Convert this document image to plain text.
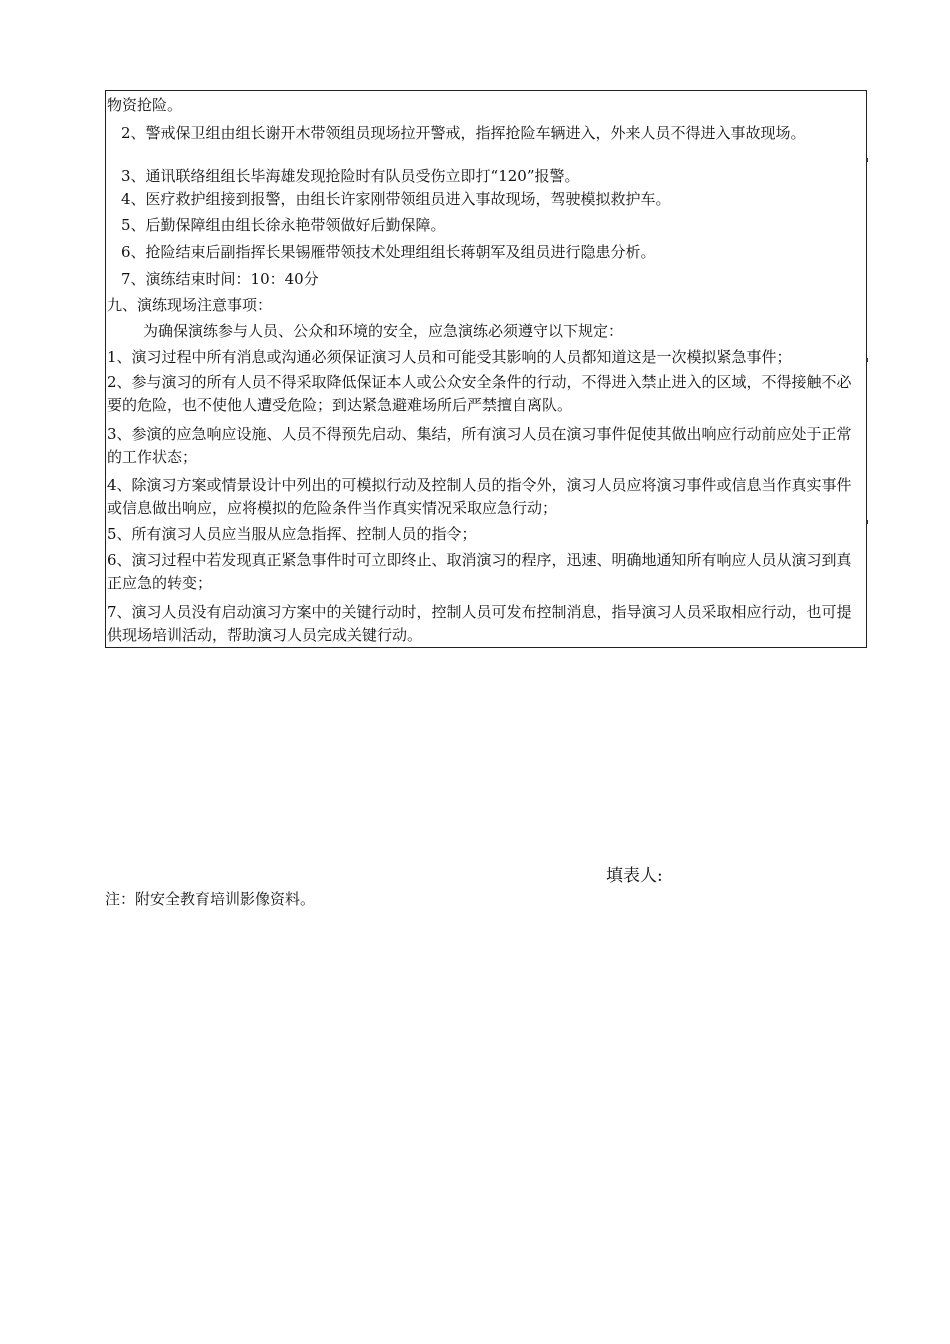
物资抢险。
2、警戒保卫组由组长谢开木带领组员现场拉开警戒，指挥抢险车辆进入，外来人员不得进入事故现场。
3、通讯联络组组长毕海雄发现抢险时有队员受伤立即打“120”报警。
4、医疗救护组接到报警，由组长许家刚带领组员进入事故现场，驾驶模拟救护车。
5、后勤保障组由组长徐永艳带领做好后勤保障。
6、抢险结束后副指挥长果锡雁带领技术处理组组长蒋朝军及组员进行隐患分析。
7、演练结束时间：10：40分
九、演练现场注意事项：
为确保演练参与人员、公众和环境的安全，应急演练必须遵守以下规定：
1、演习过程中所有消息或沟通必须保证演习人员和可能受其影响的人员都知道这是一次模拟紧急事件；
2、参与演习的所有人员不得采取降低保证本人或公众安全条件的行动，不得进入禁止进入的区域，不得接触不必要的危险，也不使他人遭受危险；到达紧急避难场所后严禁擅自离队。
3、参演的应急响应设施、人员不得预先启动、集结，所有演习人员在演习事件促使其做出响应行动前应处于正常的工作状态；
4、除演习方案或情景设计中列出的可模拟行动及控制人员的指令外，演习人员应将演习事件或信息当作真实事件或信息做出响应，应将模拟的危险条件当作真实情况采取应急行动；
5、所有演习人员应当服从应急指挥、控制人员的指令；
6、演习过程中若发现真正紧急事件时可立即终止、取消演习的程序，迅速、明确地通知所有响应人员从演习到真正应急的转变；
7、演习人员没有启动演习方案中的关键行动时，控制人员可发布控制消息，指导演习人员采取相应行动，也可提供现场培训活动，帮助演习人员完成关键行动。
填表人:
注：附安全教育培训影像资料。
